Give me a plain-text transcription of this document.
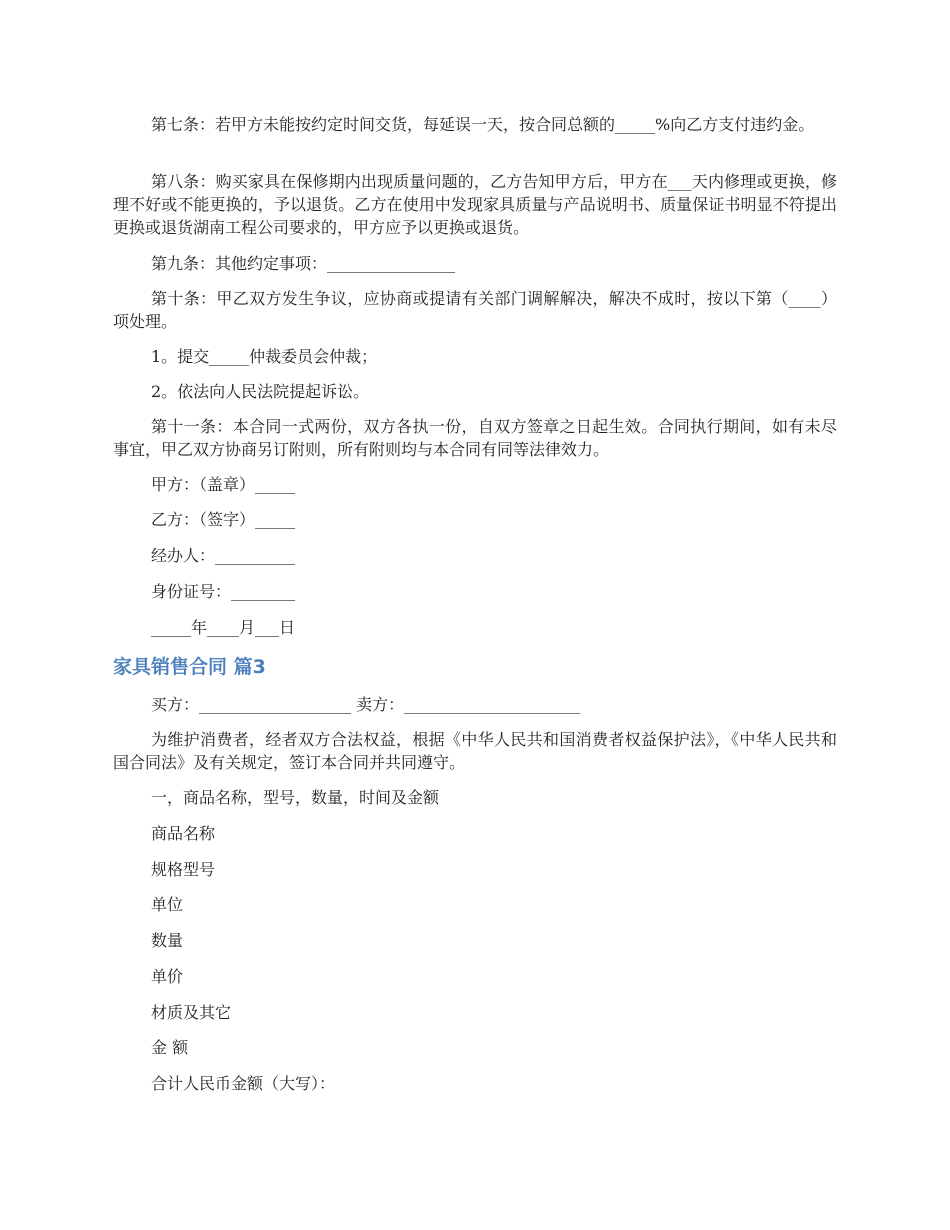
第七条：若甲方未能按约定时间交货，每延误一天，按合同总额的_____%向乙方支付违约金。

第八条：购买家具在保修期内出现质量问题的，乙方告知甲方后，甲方在___天内修理或更换，修理不好或不能更换的，予以退货。乙方在使用中发现家具质量与产品说明书、质量保证书明显不符提出更换或退货湖南工程公司要求的，甲方应予以更换或退货。

第九条：其他约定事项：________________

第十条：甲乙双方发生争议，应协商或提请有关部门调解解决，解决不成时，按以下第（____）项处理。

1。提交_____仲裁委员会仲裁；

2。依法向人民法院提起诉讼。

第十一条：本合同一式两份，双方各执一份，自双方签章之日起生效。合同执行期间，如有未尽事宜，甲乙双方协商另订附则，所有附则均与本合同有同等法律效力。

甲方：（盖章）_____

乙方：（签字）_____

经办人：__________

身份证号：________

_____年____月___日

家具销售合同 篇3

买方：___________________ 卖方：______________________

为维护消费者，经者双方合法权益，根据《中华人民共和国消费者权益保护法》，《中华人民共和国合同法》及有关规定，签订本合同并共同遵守。

一，商品名称，型号，数量，时间及金额

商品名称

规格型号

单位

数量

单价

材质及其它

金 额

合计人民币金额（大写）：
